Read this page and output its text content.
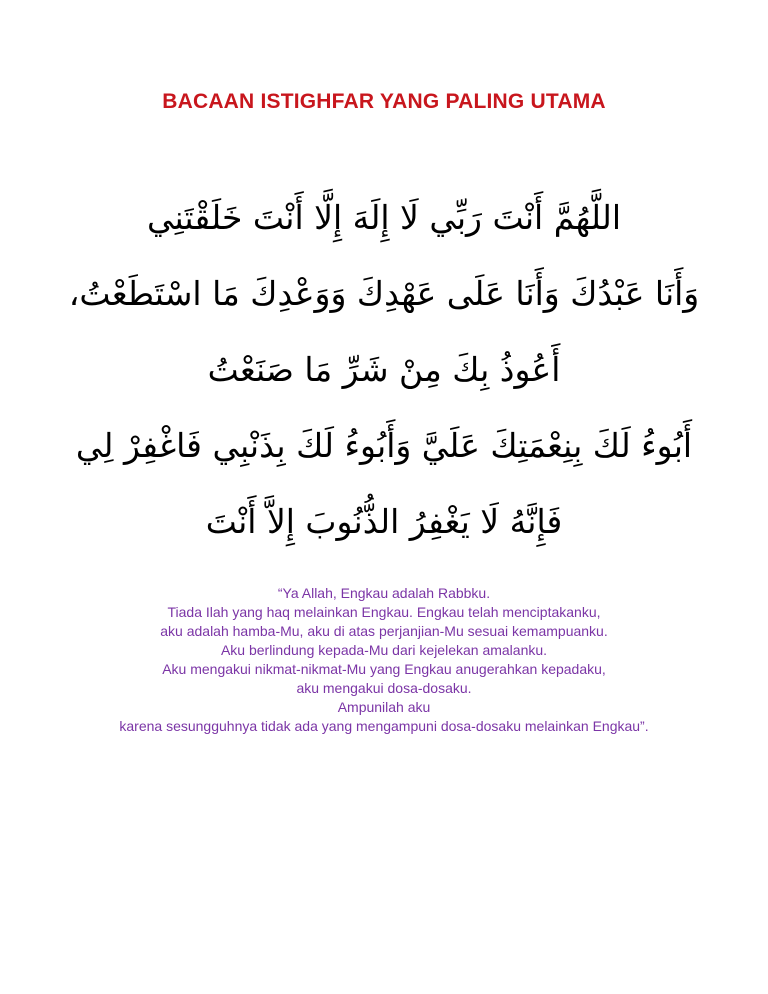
BACAAN ISTIGHFAR YANG PALING UTAMA
اللَّهُمَّ أَنْتَ رَبِّي لَا إِلَهَ إِلَّا أَنْتَ خَلَقْتَنِي
وَأَنَا عَبْدُكَ وَأَنَا عَلَى عَهْدِكَ وَوَعْدِكَ مَا اسْتَطَعْتُ،
أَعُوذُ بِكَ مِنْ شَرِّ مَا صَنَعْتُ
أَبُوءُ لَكَ بِنِعْمَتِكَ عَلَيَّ وَأَبُوءُ لَكَ بِذَنْبِي فَاغْفِرْ لِي
فَإِنَّهُ لَا يَغْفِرُ الذُّنُوبَ إِلاَّ أَنْتَ
“Ya Allah, Engkau adalah Rabbku.
Tiada Ilah yang haq melainkan Engkau. Engkau telah menciptakanku,
aku adalah hamba-Mu, aku di atas perjanjian-Mu sesuai kemampuanku.
Aku berlindung kepada-Mu dari kejelekan amalanku.
Aku mengakui nikmat-nikmat-Mu yang Engkau anugerahkan kepadaku,
aku mengakui dosa-dosaku.
Ampunilah aku
karena sesungguhnya tidak ada yang mengampuni dosa-dosaku melainkan Engkau”.
